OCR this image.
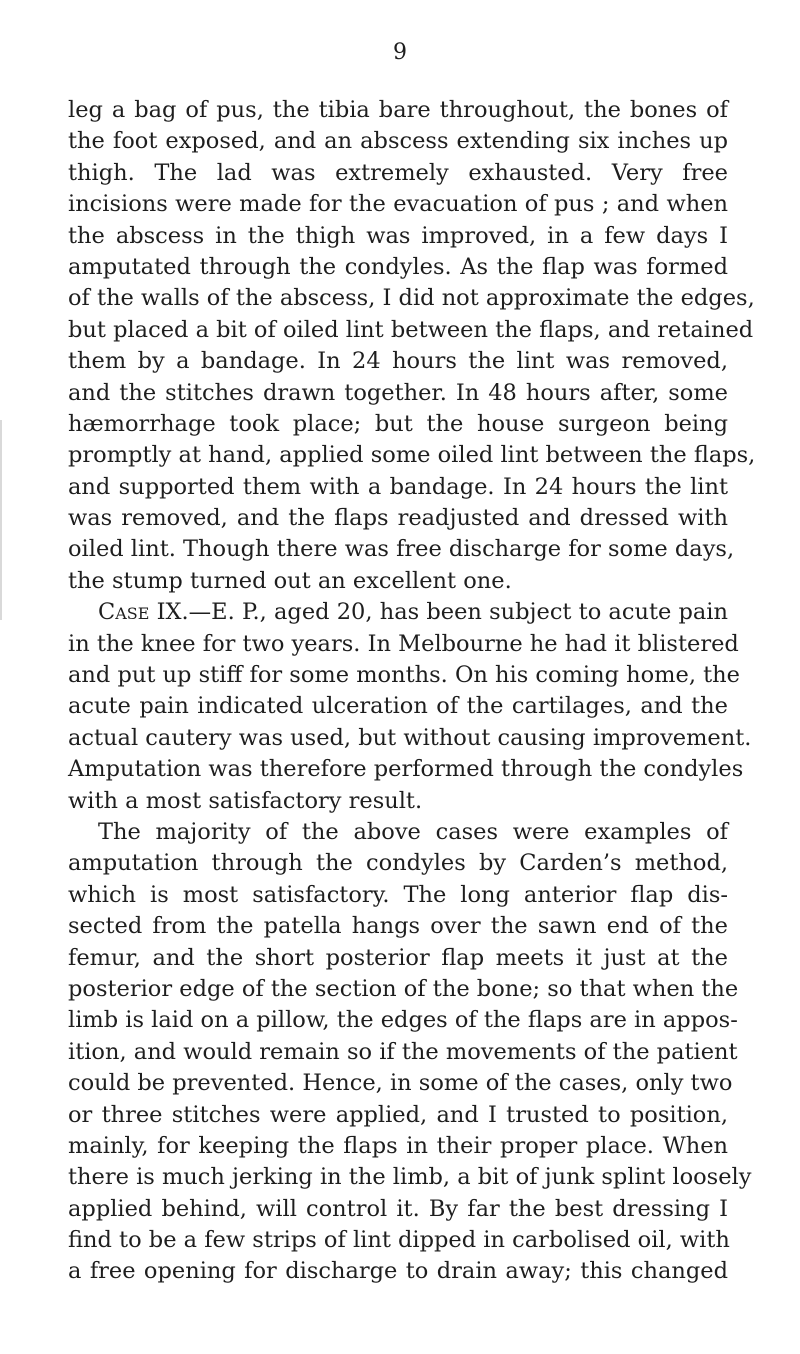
9
leg a bag of pus, the tibia bare throughout, the bones of
the foot exposed, and an abscess extending six inches up
thigh. The lad was extremely exhausted. Very free
incisions were made for the evacuation of pus ; and when
the abscess in the thigh was improved, in a few days I
amputated through the condyles. As the flap was formed
of the walls of the abscess, I did not approximate the edges,
but placed a bit of oiled lint between the flaps, and retained
them by a bandage. In 24 hours the lint was removed,
and the stitches drawn together. In 48 hours after, some
hæmorrhage took place; but the house surgeon being
promptly at hand, applied some oiled lint between the flaps,
and supported them with a bandage. In 24 hours the lint
was removed, and the flaps readjusted and dressed with
oiled lint. Though there was free discharge for some days,
the stump turned out an excellent one.
Case IX.—E. P., aged 20, has been subject to acute pain
in the knee for two years. In Melbourne he had it blistered
and put up stiff for some months. On his coming home, the
acute pain indicated ulceration of the cartilages, and the
actual cautery was used, but without causing improvement.
Amputation was therefore performed through the condyles
with a most satisfactory result.
The majority of the above cases were examples of
amputation through the condyles by Carden’s method,
which is most satisfactory. The long anterior flap dis-
sected from the patella hangs over the sawn end of the
femur, and the short posterior flap meets it just at the
posterior edge of the section of the bone; so that when the
limb is laid on a pillow, the edges of the flaps are in appos-
ition, and would remain so if the movements of the patient
could be prevented. Hence, in some of the cases, only two
or three stitches were applied, and I trusted to position,
mainly, for keeping the flaps in their proper place. When
there is much jerking in the limb, a bit of junk splint loosely
applied behind, will control it. By far the best dressing I
find to be a few strips of lint dipped in carbolised oil, with
a free opening for discharge to drain away; this changed
